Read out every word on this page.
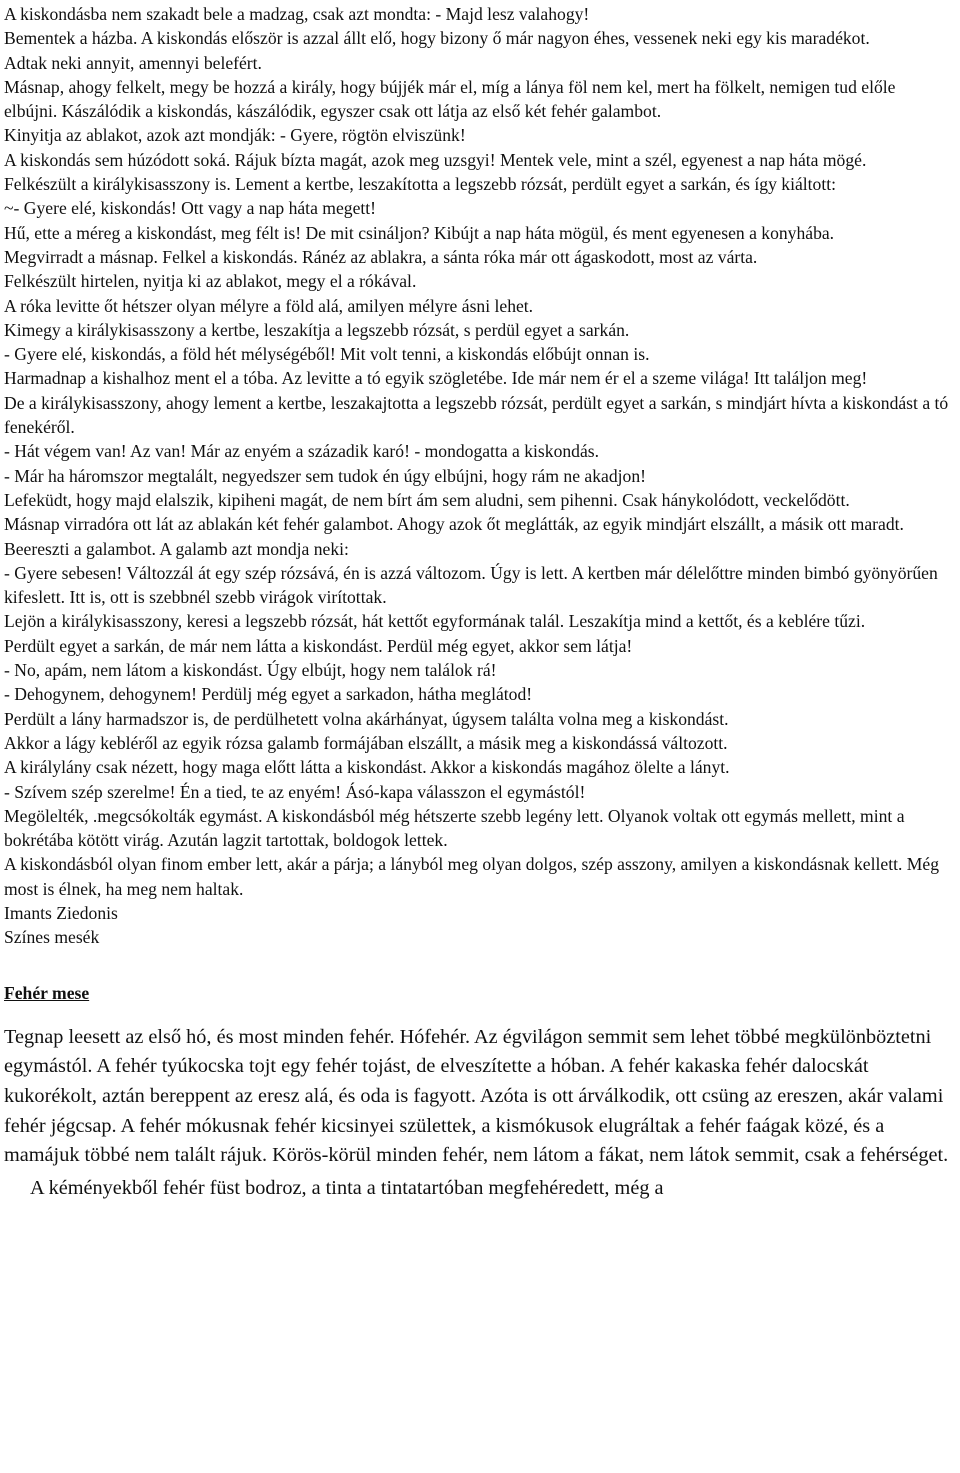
A kiskondásba nem szakadt bele a madzag, csak azt mondta: - Majd lesz valahogy!

Bementek a házba. A kiskondás először is azzal állt elő, hogy bizony ő már nagyon éhes, vessenek neki egy kis maradékot.

Adtak neki annyit, amennyi belefért.

Másnap, ahogy felkelt, megy be hozzá a király, hogy bújjék már el, míg a lánya föl nem kel, mert ha fölkelt, nemigen tud előle elbújni. Kászálódik a kiskondás, kászálódik, egyszer csak ott látja az első két fehér galambot.

Kinyitja az ablakot, azok azt mondják: - Gyere, rögtön elviszünk!

A kiskondás sem húzódott soká. Rájuk bízta magát, azok meg uzsgyi! Mentek vele, mint a szél, egyenest a nap háta mögé.

Felkészült a királykisasszony is. Lement a kertbe, leszakította a legszebb rózsát, perdült egyet a sarkán, és így kiáltott:

~- Gyere elé, kiskondás! Ott vagy a nap háta megett!

Hű, ette a méreg a kiskondást, meg félt is! De mit csináljon? Kibújt a nap háta mögül, és ment egyenesen a konyhába.

Megvirradt a másnap. Felkel a kiskondás. Ránéz az ablakra, a sánta róka már ott ágaskodott, most az várta.

Felkészült hirtelen, nyitja ki az ablakot, megy el a rókával.

A róka levitte őt hétszer olyan mélyre a föld alá, amilyen mélyre ásni lehet.

Kimegy a királykisasszony a kertbe, leszakítja a legszebb rózsát, s perdül egyet a sarkán.

- Gyere elé, kiskondás, a föld hét mélységéből! Mit volt tenni, a kiskondás előbújt onnan is.

Harmadnap a kishalhoz ment el a tóba. Az levitte a tó egyik szögletébe. Ide már nem ér el a szeme világa! Itt találjon meg!

De a királykisasszony, ahogy lement a kertbe, leszakajtotta a legszebb rózsát, perdült egyet a sarkán, s mindjárt hívta a kiskondást a tó fenekéről.

- Hát végem van! Az van! Már az enyém a századik karó! - mondogatta a kiskondás.

- Már ha háromszor megtalált, negyedszer sem tudok én úgy elbújni, hogy rám ne akadjon!

Lefeküdt, hogy majd elalszik, kipiheni magát, de nem bírt ám sem aludni, sem pihenni. Csak hánykolódott, veckelődött.

Másnap virradóra ott lát az ablakán két fehér galambot. Ahogy azok őt meglátták, az egyik mindjárt elszállt, a másik ott maradt.

Beereszti a galambot. A galamb azt mondja neki:

- Gyere sebesen! Változzál át egy szép rózsává, én is azzá változom. Úgy is lett. A kertben már délelőttre minden bimbó gyönyörűen kifeslett. Itt is, ott is szebbnél szebb virágok virítottak.

Lejön a királykisasszony, keresi a legszebb rózsát, hát kettőt egyformának talál. Leszakítja mind a kettőt, és a keblére tűzi.

Perdült egyet a sarkán, de már nem látta a kiskondást. Perdül még egyet, akkor sem látja!

- No, apám, nem látom a kiskondást. Úgy elbújt, hogy nem találok rá!

- Dehogynem, dehogynem! Perdülj még egyet a sarkadon, hátha meglátod!

Perdült a lány harmadszor is, de perdülhetett volna akárhányat, úgysem találta volna meg a kiskondást.

Akkor a lágy kebléről az egyik rózsa galamb formájában elszállt, a másik meg a kiskondássá változott.

A királylány csak nézett, hogy maga előtt látta a kiskondást. Akkor a kiskondás magához ölelte a lányt.

- Szívem szép szerelme! Én a tied, te az enyém! Ásó-kapa válasszon el egymástól!

Megölelték, .megcsókolták egymást. A kiskondásból még hétszerte szebb legény lett. Olyanok voltak ott egymás mellett, mint a bokrétába kötött virág. Azután lagzit tartottak, boldogok lettek.

A kiskondásból olyan finom ember lett, akár a párja; a lányból meg olyan dolgos, szép asszony, amilyen a kiskondásnak kellett. Még most is élnek, ha meg nem haltak.

Imants Ziedonis
Színes mesék
Fehér mese

Tegnap leesett az első hó, és most minden fehér. Hófehér. Az égvilágon semmit sem lehet többé megkülönböztetni egymástól. A fehér tyúkocska tojt egy fehér tojást, de elveszítette a hóban. A fehér kakaska fehér dalocskát kukorékolt, aztán bereppent az eresz alá, és oda is fagyott. Azóta is ott árválkodik, ott csüng az ereszen, akár valami fehér jégcsap. A fehér mókusnak fehér kicsinyei születtek, a kismókusok elugráltak a fehér faágak közé, és a mamájuk többé nem talált rájuk. Körös-körül minden fehér, nem látom a fákat, nem látok semmit, csak a fehérséget.

A kéményekből fehér füst bodroz, a tinta a tintatartóban megfehéredett, még a
